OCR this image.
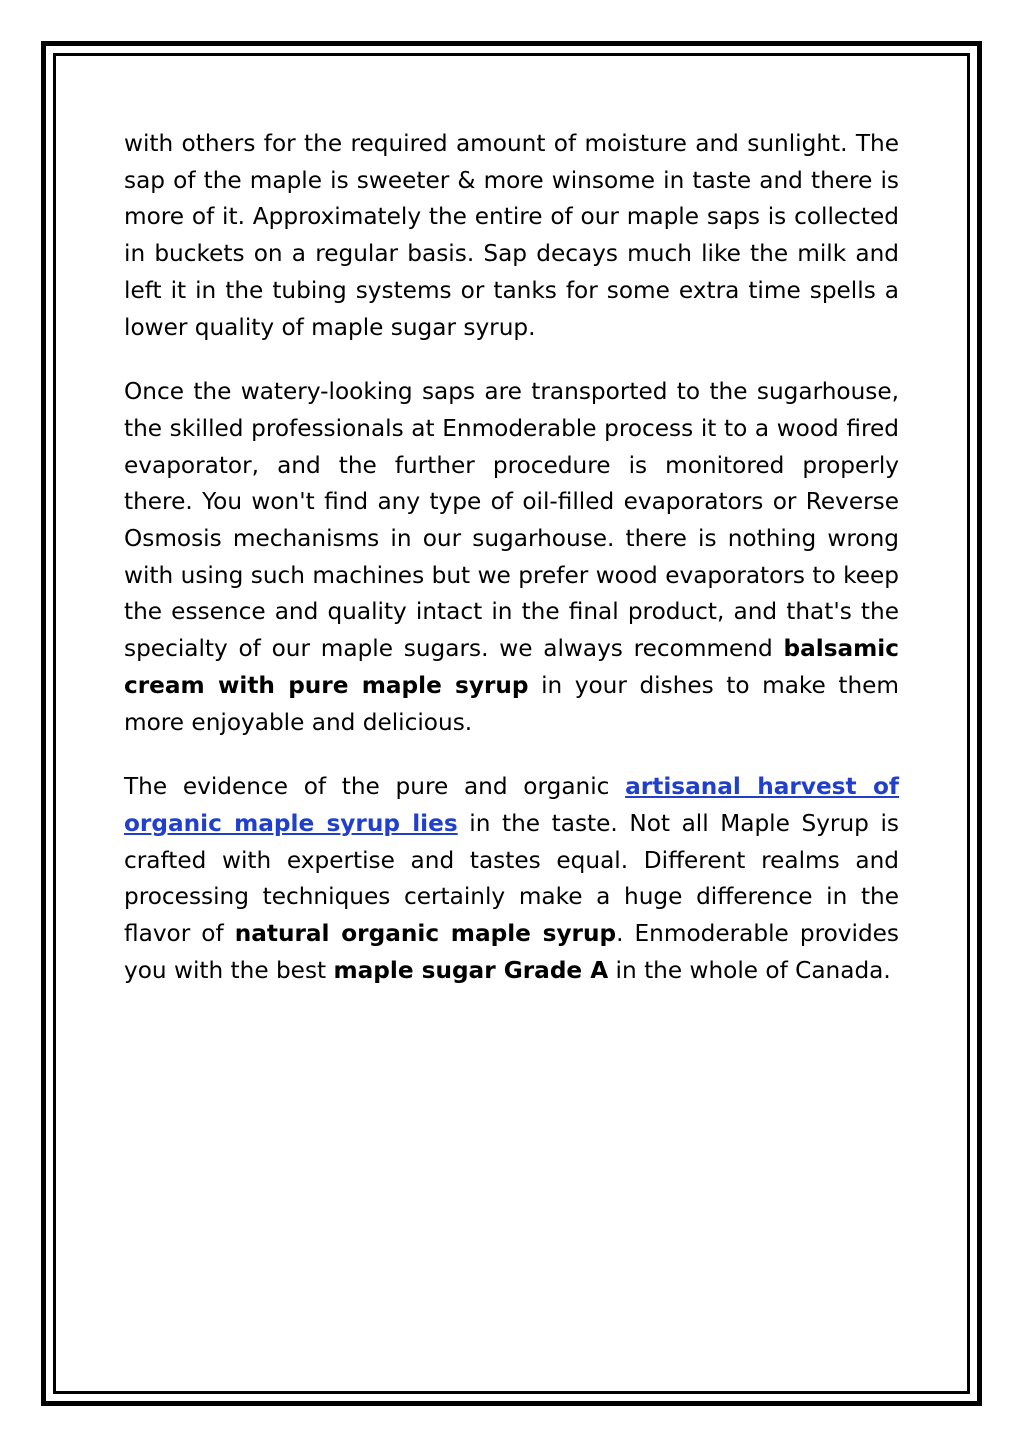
with others for the required amount of moisture and sunlight. The sap of the maple is sweeter & more winsome in taste and there is more of it. Approximately the entire of our maple saps is collected in buckets on a regular basis. Sap decays much like the milk and left it in the tubing systems or tanks for some extra time spells a lower quality of maple sugar syrup.

Once the watery-looking saps are transported to the sugarhouse, the skilled professionals at Enmoderable process it to a wood fired evaporator, and the further procedure is monitored properly there. You won't find any type of oil-filled evaporators or Reverse Osmosis mechanisms in our sugarhouse. there is nothing wrong with using such machines but we prefer wood evaporators to keep the essence and quality intact in the final product, and that's the specialty of our maple sugars. we always recommend balsamic cream with pure maple syrup in your dishes to make them more enjoyable and delicious.

The evidence of the pure and organic artisanal harvest of organic maple syrup lies in the taste. Not all Maple Syrup is crafted with expertise and tastes equal. Different realms and processing techniques certainly make a huge difference in the flavor of natural organic maple syrup. Enmoderable provides you with the best maple sugar Grade A in the whole of Canada.
